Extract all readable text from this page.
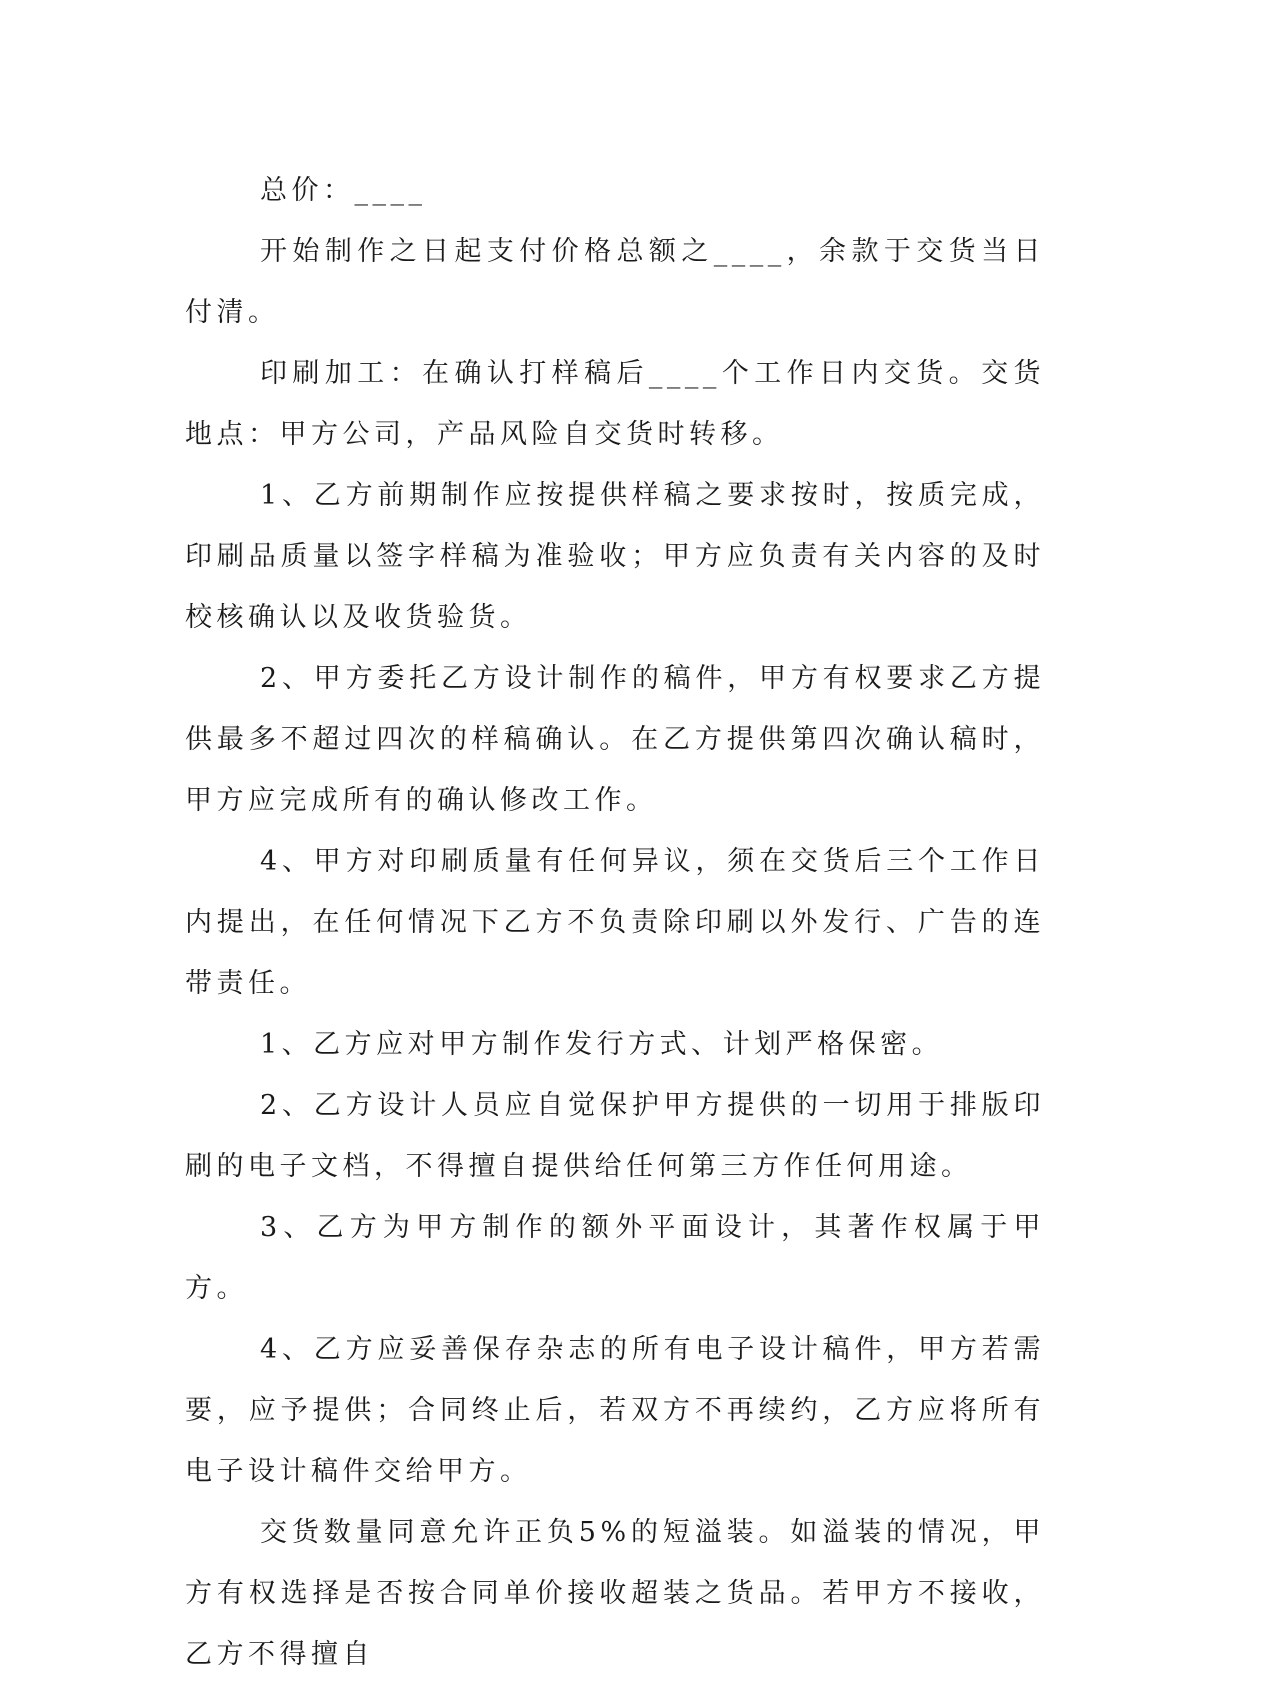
总价：____

开始制作之日起支付价格总额之____，余款于交货当日付清。

印刷加工：在确认打样稿后____个工作日内交货。交货地点：甲方公司，产品风险自交货时转移。

1、乙方前期制作应按提供样稿之要求按时，按质完成，印刷品质量以签字样稿为准验收；甲方应负责有关内容的及时校核确认以及收货验货。

2、甲方委托乙方设计制作的稿件，甲方有权要求乙方提供最多不超过四次的样稿确认。在乙方提供第四次确认稿时，甲方应完成所有的确认修改工作。

4、甲方对印刷质量有任何异议，须在交货后三个工作日内提出，在任何情况下乙方不负责除印刷以外发行、广告的连带责任。

1、乙方应对甲方制作发行方式、计划严格保密。

2、乙方设计人员应自觉保护甲方提供的一切用于排版印刷的电子文档，不得擅自提供给任何第三方作任何用途。

3、乙方为甲方制作的额外平面设计，其著作权属于甲方。

4、乙方应妥善保存杂志的所有电子设计稿件，甲方若需要，应予提供；合同终止后，若双方不再续约，乙方应将所有电子设计稿件交给甲方。

交货数量同意允许正负5%的短溢装。如溢装的情况，甲方有权选择是否按合同单价接收超装之货品。若甲方不接收，乙方不得擅自
